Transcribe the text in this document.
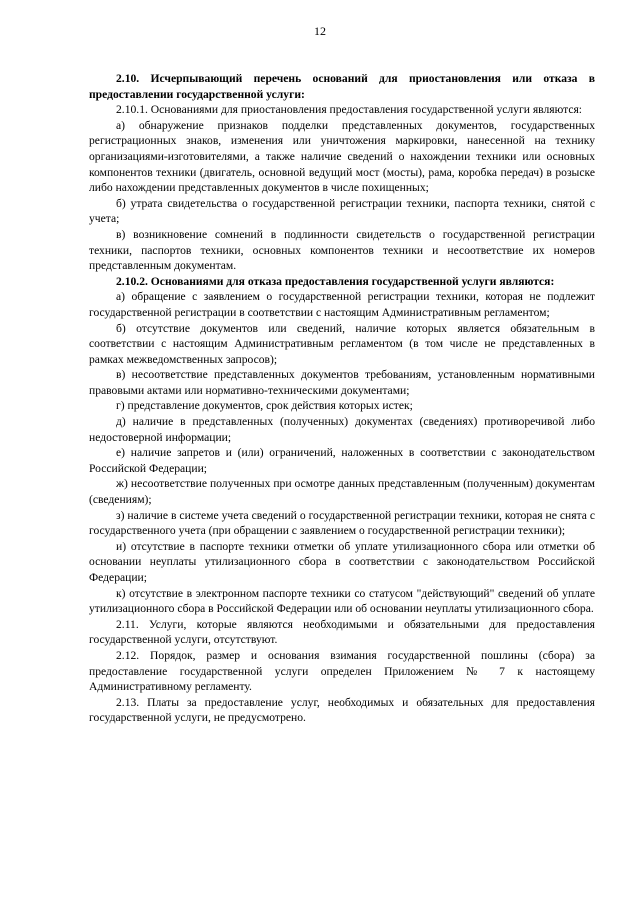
12

2.10. Исчерпывающий перечень оснований для приостановления или отказа в предоставлении государственной услуги:

2.10.1. Основаниями для приостановления предоставления государственной услуги являются:

а) обнаружение признаков подделки представленных документов, государственных регистрационных знаков, изменения или уничтожения маркировки, нанесенной на технику организациями-изготовителями, а также наличие сведений о нахождении техники или основных компонентов техники (двигатель, основной ведущий мост (мосты), рама, коробка передач) в розыске либо нахождении представленных документов в числе похищенных;

б) утрата свидетельства о государственной регистрации техники, паспорта техники, снятой с учета;

в) возникновение сомнений в подлинности свидетельств о государственной регистрации техники, паспортов техники, основных компонентов техники и несоответствие их номеров представленным документам.

2.10.2. Основаниями для отказа предоставления государственной услуги являются:

а) обращение с заявлением о государственной регистрации техники, которая не подлежит государственной регистрации в соответствии с настоящим Административным регламентом;

б) отсутствие документов или сведений, наличие которых является обязательным в соответствии с настоящим Административным регламентом (в том числе не представленных в рамках межведомственных запросов);

в) несоответствие представленных документов требованиям, установленным нормативными правовыми актами или нормативно-техническими документами;

г) представление документов, срок действия которых истек;

д) наличие в представленных (полученных) документах (сведениях) противоречивой либо недостоверной информации;

е) наличие запретов и (или) ограничений, наложенных в соответствии с законодательством Российской Федерации;

ж) несоответствие полученных при осмотре данных представленным (полученным) документам (сведениям);

з) наличие в системе учета сведений о государственной регистрации техники, которая не снята с государственного учета (при обращении с заявлением о государственной регистрации техники);

и) отсутствие в паспорте техники отметки об уплате утилизационного сбора или отметки об основании неуплаты утилизационного сбора в соответствии с законодательством Российской Федерации;

к) отсутствие в электронном паспорте техники со статусом "действующий" сведений об уплате утилизационного сбора в Российской Федерации или об основании неуплаты утилизационного сбора.

2.11. Услуги, которые являются необходимыми и обязательными для предоставления государственной услуги, отсутствуют.

2.12. Порядок, размер и основания взимания государственной пошлины (сбора) за предоставление государственной услуги определен Приложением № 7 к настоящему Административному регламенту.

2.13. Платы за предоставление услуг, необходимых и обязательных для предоставления государственной услуги, не предусмотрено.
